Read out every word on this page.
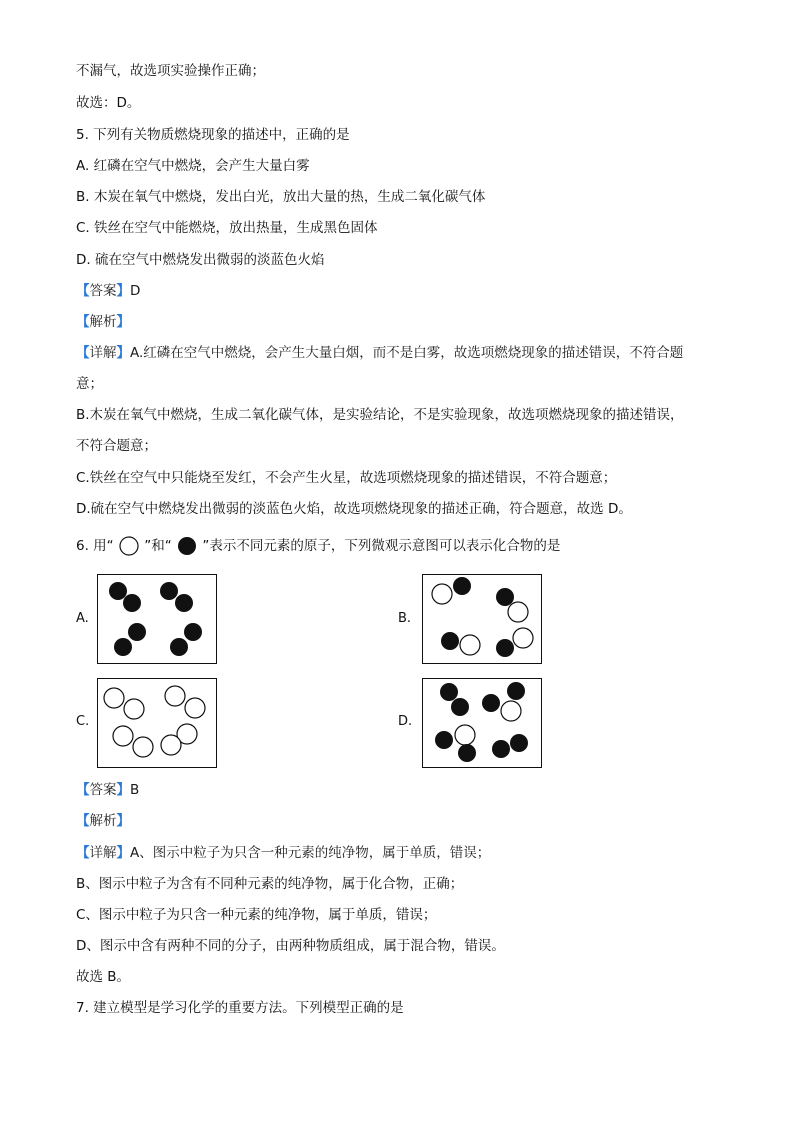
不漏气，故选项实验操作正确；
故选：D。
5. 下列有关物质燃烧现象的描述中，正确的是
A. 红磷在空气中燃烧，会产生大量白雾
B. 木炭在氧气中燃烧，发出白光，放出大量的热，生成二氧化碳气体
C. 铁丝在空气中能燃烧，放出热量，生成黑色固体
D. 硫在空气中燃烧发出微弱的淡蓝色火焰
【答案】D
【解析】
【详解】A.红磷在空气中燃烧，会产生大量白烟，而不是白雾，故选项燃烧现象的描述错误，不符合题
意；
B.木炭在氧气中燃烧，生成二氧化碳气体，是实验结论，不是实验现象，故选项燃烧现象的描述错误，
不符合题意；
C.铁丝在空气中只能烧至发红，不会产生火星，故选项燃烧现象的描述错误，不符合题意；
D.硫在空气中燃烧发出微弱的淡蓝色火焰，故选项燃烧现象的描述正确，符合题意，故选 D。
6. 用“ ”和“ ”表示不同元素的原子，下列微观示意图可以表示化合物的是
A.	B.
C.	D.
【答案】B
【解析】
【详解】A、图示中粒子为只含一种元素的纯净物，属于单质，错误；
B、图示中粒子为含有不同种元素的纯净物，属于化合物，正确；
C、图示中粒子为只含一种元素的纯净物，属于单质，错误；
D、图示中含有两种不同的分子，由两种物质组成，属于混合物，错误。
故选 B。
7. 建立模型是学习化学的重要方法。下列模型正确的是
